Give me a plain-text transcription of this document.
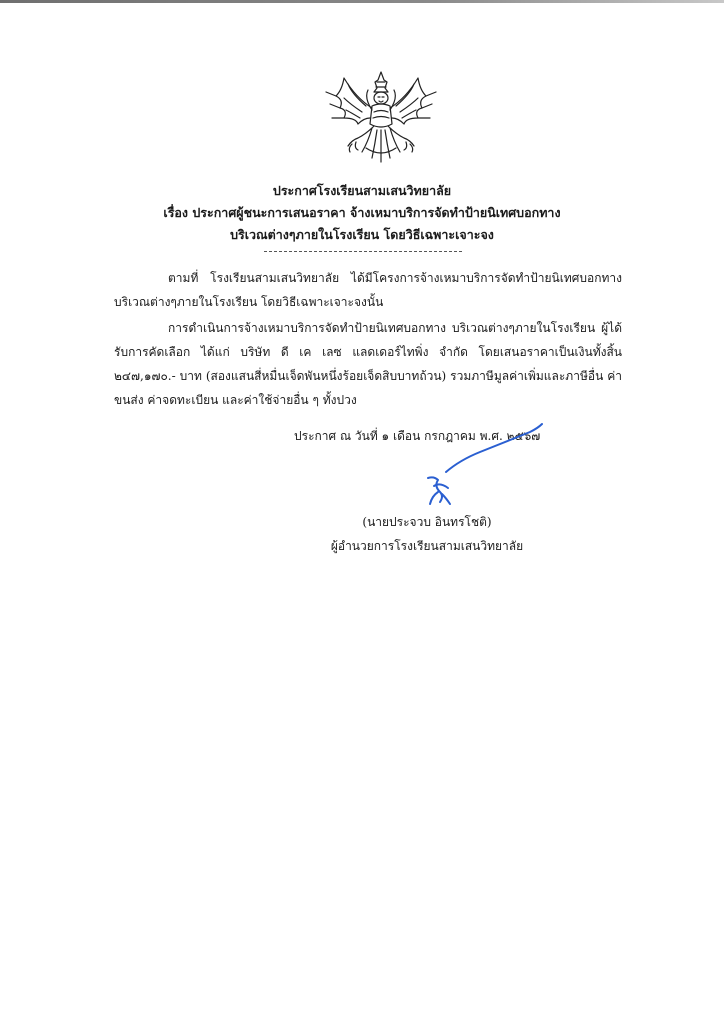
ประกาศโรงเรียนสามเสนวิทยาลัย
เรื่อง ประกาศผู้ชนะการเสนอราคา จ้างเหมาบริการจัดทำป้ายนิเทศบอกทาง
บริเวณต่างๆภายในโรงเรียน โดยวิธีเฉพาะเจาะจง
ตามที่ โรงเรียนสามเสนวิทยาลัย ได้มีโครงการจ้างเหมาบริการจัดทำป้ายนิเทศบอกทาง บริเวณต่างๆภายในโรงเรียน โดยวิธีเฉพาะเจาะจงนั้น
การดำเนินการจ้างเหมาบริการจัดทำป้ายนิเทศบอกทาง บริเวณต่างๆภายในโรงเรียน ผู้ได้รับการคัดเลือก ได้แก่ บริษัท ดี เค เลซ แลดเดอร์ไทพิ่ง จำกัด โดยเสนอราคาเป็นเงินทั้งสิ้น ๒๔๗,๑๗๐.- บาท (สองแสนสี่หมื่นเจ็ดพันหนึ่งร้อยเจ็ดสิบบาทถ้วน) รวมภาษีมูลค่าเพิ่มและภาษีอื่น ค่าขนส่ง ค่าจดทะเบียน และค่าใช้จ่ายอื่น ๆ ทั้งปวง
ประกาศ ณ วันที่ ๑ เดือน กรกฎาคม พ.ศ. ๒๕๖๗
(นายประจวบ อินทรโชติ)
ผู้อำนวยการโรงเรียนสามเสนวิทยาลัย
